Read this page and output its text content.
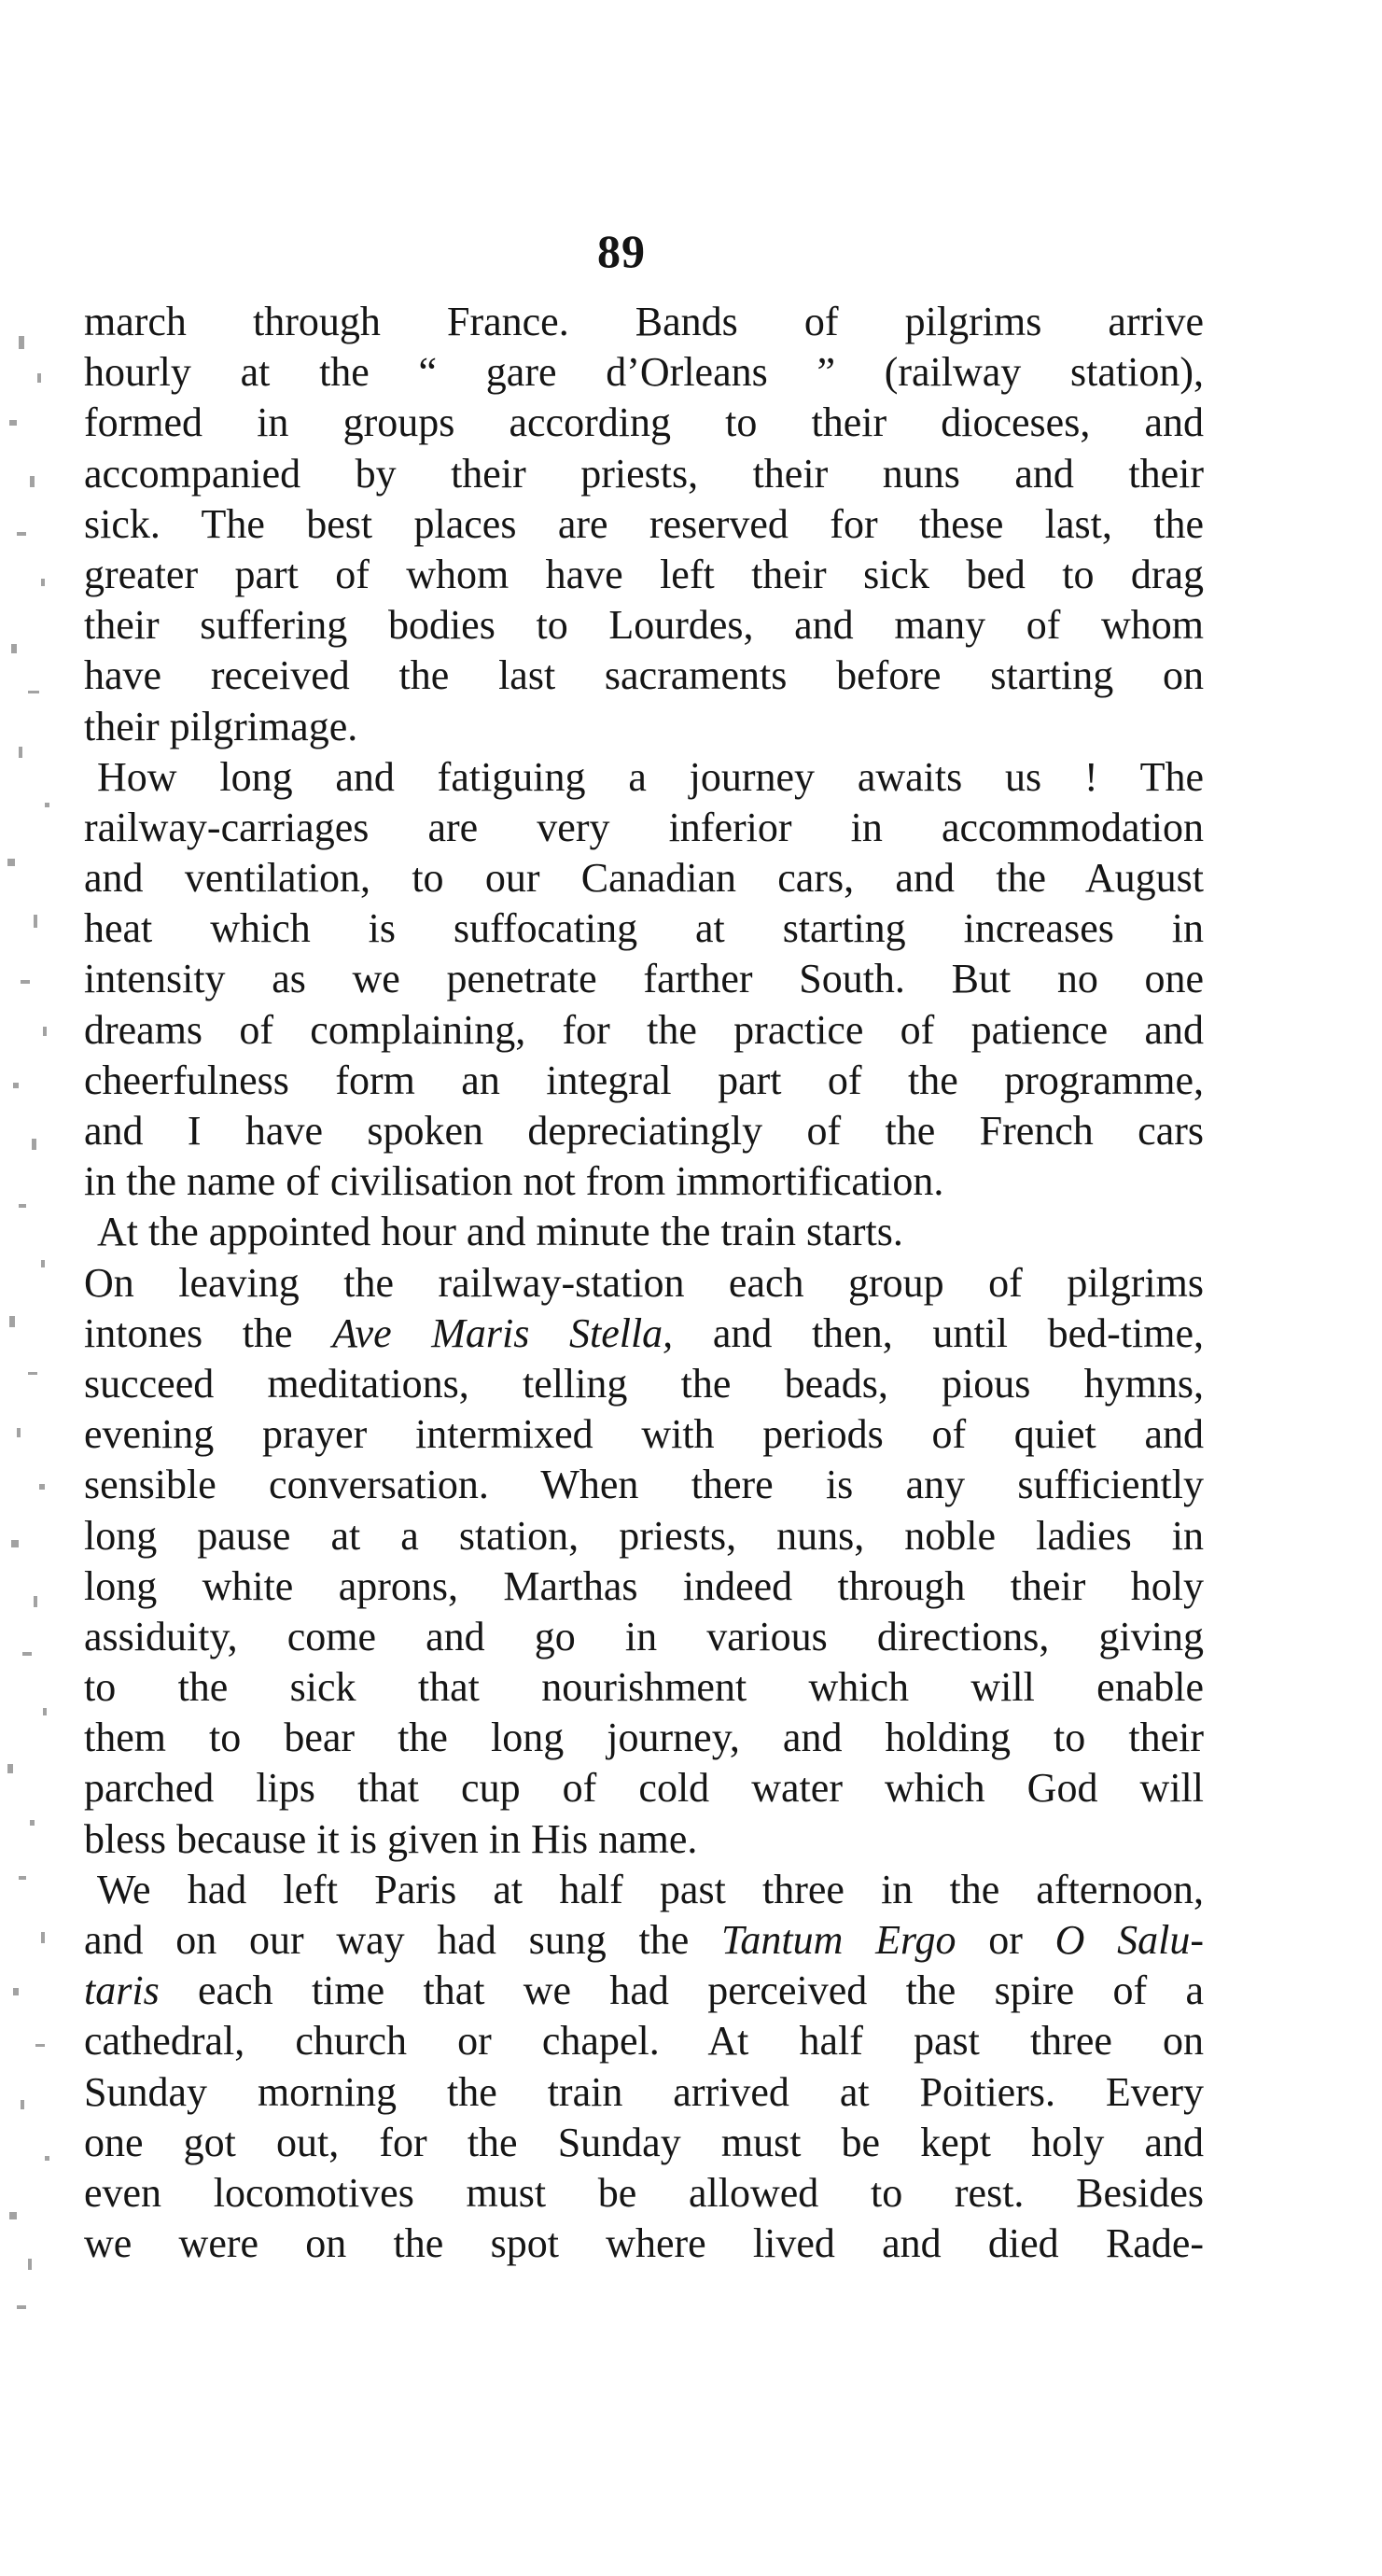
89
march through France. Bands of pilgrims arrive
hourly at the “ gare d’Orleans ” (railway station),
formed in groups according to their dioceses, and
accompanied by their priests, their nuns and their
sick. The best places are reserved for these last, the
greater part of whom have left their sick bed to drag
their suffering bodies to Lourdes, and many of whom
have received the last sacraments before starting on
their pilgrimage.
How long and fatiguing a journey awaits us ! The
railway-carriages are very inferior in accommodation
and ventilation, to our Canadian cars, and the August
heat which is suffocating at starting increases in
intensity as we penetrate farther South. But no one
dreams of complaining, for the practice of patience and
cheerfulness form an integral part of the programme,
and I have spoken depreciatingly of the French cars
in the name of civilisation not from immortification.
At the appointed hour and minute the train starts.
On leaving the railway-station each group of pilgrims
intones the Ave Maris Stella, and then, until bed-time,
succeed meditations, telling the beads, pious hymns,
evening prayer intermixed with periods of quiet and
sensible conversation. When there is any sufficiently
long pause at a station, priests, nuns, noble ladies in
long white aprons, Marthas indeed through their holy
assiduity, come and go in various directions, giving
to the sick that nourishment which will enable
them to bear the long journey, and holding to their
parched lips that cup of cold water which God will
bless because it is given in His name.
We had left Paris at half past three in the afternoon,
and on our way had sung the Tantum Ergo or O Salu-
taris each time that we had perceived the spire of a
cathedral, church or chapel. At half past three on
Sunday morning the train arrived at Poitiers. Every
one got out, for the Sunday must be kept holy and
even locomotives must be allowed to rest. Besides
we were on the spot where lived and died Rade-
